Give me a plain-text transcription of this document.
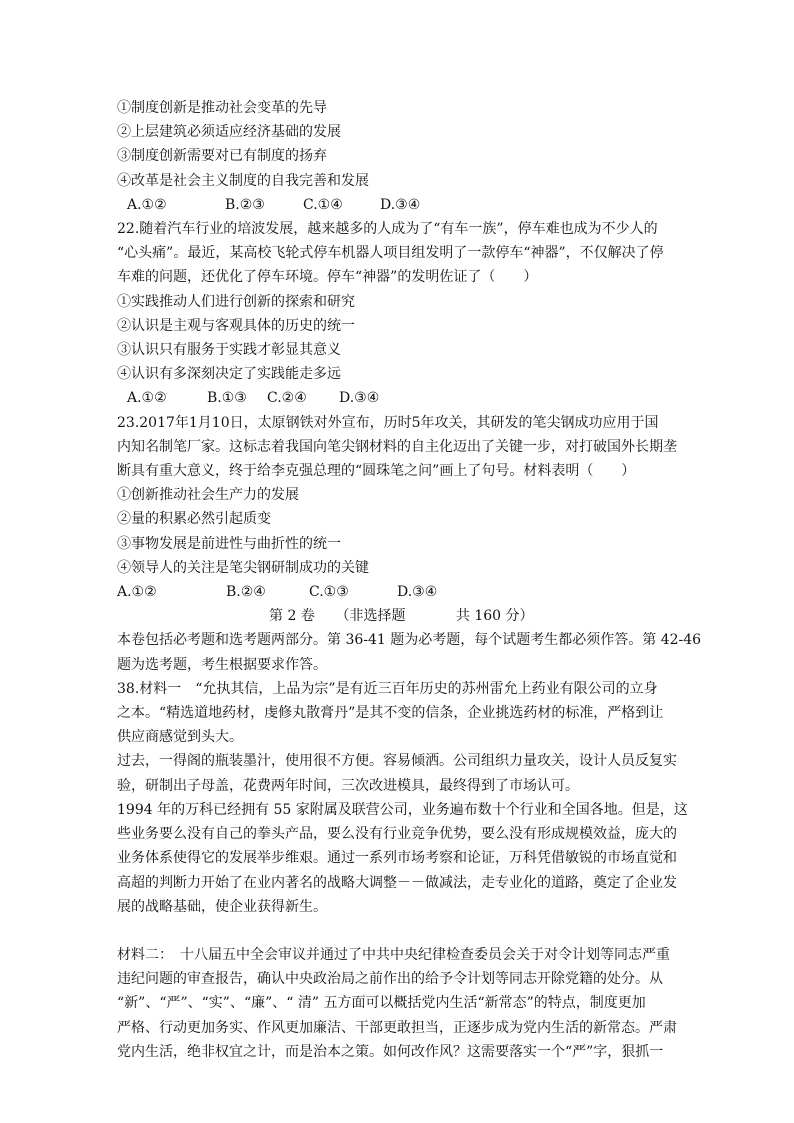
①制度创新是推动社会变革的先导

②上层建筑必须适应经济基础的发展

③制度创新需要对已有制度的扬弃

④改革是社会主义制度的自我完善和发展

A.①②	B.②③	C.①④	D.③④

22.随着汽车行业的培波发展，越来越多的人成为了“有车一族”，停车难也成为不少人的

“心头痛”。最近，某高校飞轮式停车机器人项目组发明了一款停车“神器”，不仅解决了停

车难的问题，还优化了停车环境。停车“神器”的发明佐证了（　　）

①实践推动人们进行创新的探索和研究

②认识是主观与客观具体的历史的统一

③认识只有服务于实践才彰显其意义

④认识有多深刻决定了实践能走多远

A.①②	B.①③	C.②④	D.③④

23.2017年1月10日，太原钢铁对外宣布，历时5年攻关，其研发的笔尖钢成功应用于国

内知名制笔厂家。这标志着我国向笔尖钢材料的自主化迈出了关键一步，对打破国外长期垄

断具有重大意义，终于给李克强总理的“圆珠笔之问”画上了句号。材料表明（　　）

①创新推动社会生产力的发展

②量的积累必然引起质变

③事物发展是前进性与曲折性的统一

④领导人的关注是笔尖钢研制成功的关键

A.①②	B.②④	C.①③	D.③④
第 2 卷 （非选择题	共 160 分）

本卷包括必考题和选考题两部分。第 36-41 题为必考题，每个试题考生都必须作答。第 42-46

题为选考题，考生根据要求作答。

38.材料一　“允执其信，上品为宗”是有近三百年历史的苏州雷允上药业有限公司的立身

之本。“精选道地药材，虔修丸散膏丹”是其不变的信条，企业挑选药材的标准，严格到让

供应商感觉到头大。

过去，一得阁的瓶装墨汁，使用很不方便。容易倾洒。公司组织力量攻关，设计人员反复实

验，研制出子母盖，花费两年时间，三次改进模具，最终得到了市场认可。

1994 年的万科已经拥有 55 家附属及联营公司，业务遍布数十个行业和全国各地。但是，这

些业务要么没有自己的拳头产品，要么没有行业竞争优势，要么没有形成规模效益，庞大的

业务体系使得它的发展举步维艰。通过一系列市场考察和论证，万科凭借敏锐的市场直觉和

高超的判断力开始了在业内著名的战略大调整－－做减法，走专业化的道路，奠定了企业发

展的战略基础，使企业获得新生。

材料二：　十八届五中全会审议并通过了中共中央纪律检查委员会关于对令计划等同志严重

违纪问题的审查报告，确认中央政治局之前作出的给予令计划等同志开除党籍的处分。从

“新”、“严”、“实”、“廉”、“ 清” 五方面可以概括党内生活“新常态”的特点，制度更加

严格、行动更加务实、作风更加廉洁、干部更敢担当，正逐步成为党内生活的新常态。严肃

党内生活，绝非权宜之计，而是治本之策。如何改作风？这需要落实一个“严”字，狠抓一
